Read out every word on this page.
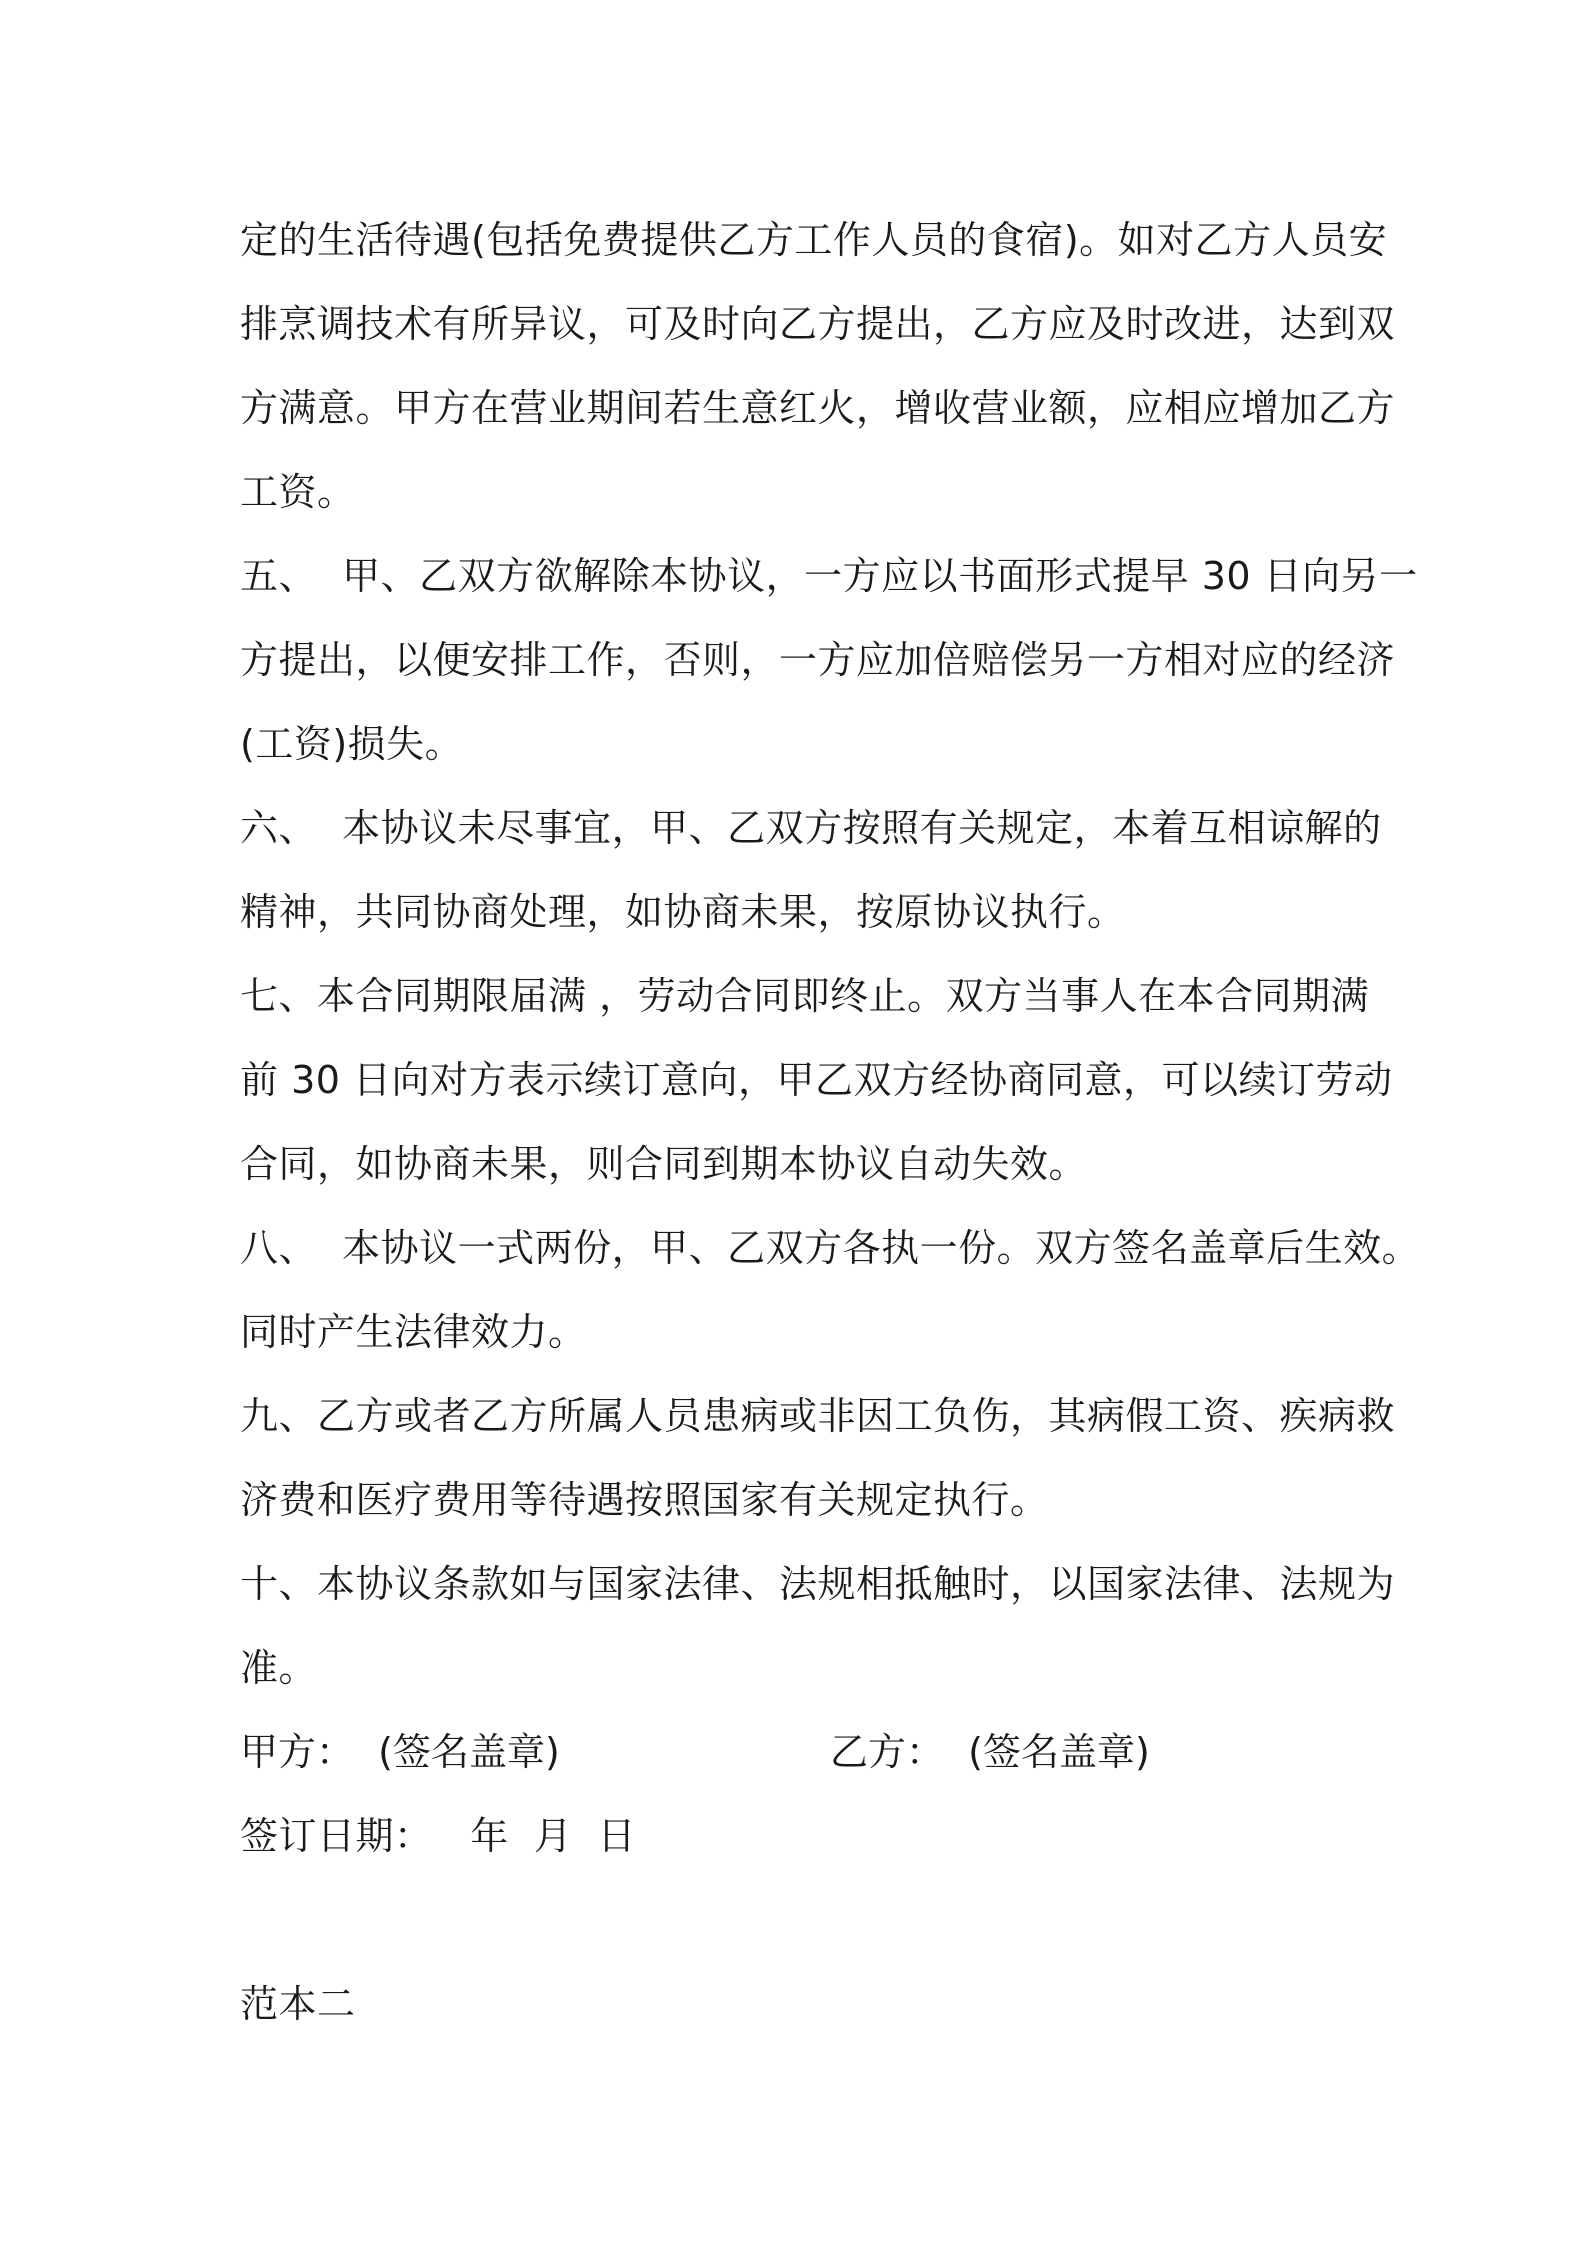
定的生活待遇(包括免费提供乙方工作人员的食宿)。如对乙方人员安
排烹调技术有所异议，可及时向乙方提出，乙方应及时改进，达到双
方满意。甲方在营业期间若生意红火，增收营业额，应相应增加乙方
工资。
五、  甲、乙双方欲解除本协议，一方应以书面形式提早 30 日向另一
方提出，以便安排工作，否则，一方应加倍赔偿另一方相对应的经济
(工资)损失。
六、  本协议未尽事宜，甲、乙双方按照有关规定，本着互相谅解的
精神，共同协商处理，如协商未果，按原协议执行。
七、本合同期限届满 ，劳动合同即终止。双方当事人在本合同期满
前 30 日向对方表示续订意向，甲乙双方经协商同意，可以续订劳动
合同，如协商未果，则合同到期本协议自动失效。
八、  本协议一式两份，甲、乙双方各执一份。双方签名盖章后生效。
同时产生法律效力。
九、乙方或者乙方所属人员患病或非因工负伤，其病假工资、疾病救
济费和医疗费用等待遇按照国家有关规定执行。
十、本协议条款如与国家法律、法规相抵触时，以国家法律、法规为
准。
甲方：  (签名盖章)	乙方：  (签名盖章)
签订日期：   年  月  日
范本二
